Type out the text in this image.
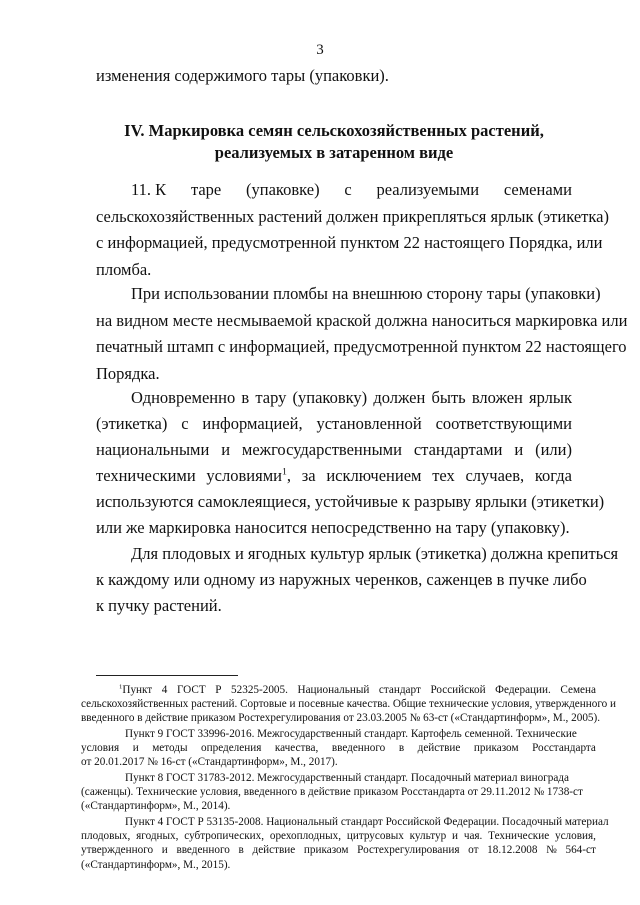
3
изменения содержимого тары (упаковки).
IV. Маркировка семян сельскохозяйственных растений,
реализуемых в затаренном виде
11. К таре (упаковке) с реализуемыми семенами
сельскохозяйственных растений должен прикрепляться ярлык (этикетка)
с информацией, предусмотренной пунктом 22 настоящего Порядка, или
пломба.
При использовании пломбы на внешнюю сторону тары (упаковки)
на видном месте несмываемой краской должна наноситься маркировка или
печатный штамп с информацией, предусмотренной пунктом 22 настоящего
Порядка.
Одновременно в тару (упаковку) должен быть вложен ярлык
(этикетка) с информацией, установленной соответствующими
национальными и межгосударственными стандартами и (или)
техническими условиями$^1$, за исключением тех случаев, когда
используются самоклеящиеся, устойчивые к разрыву ярлыки (этикетки)
или же маркировка наносится непосредственно на тару (упаковку).
Для плодовых и ягодных культур ярлык (этикетка) должна крепиться
к каждому или одному из наружных черенков, саженцев в пучке либо
к пучку растений.
$^1$Пункт 4 ГОСТ Р 52325-2005. Национальный стандарт Российской Федерации. Семена
сельскохозяйственных растений. Сортовые и посевные качества. Общие технические условия, утвержденного и
введенного в действие приказом Ростехрегулирования от 23.03.2005 № 63-ст («Стандартинформ», М., 2005).
Пункт 9 ГОСТ 33996-2016. Межгосударственный стандарт. Картофель семенной. Технические
условия и методы определения качества, введенного в действие приказом Росстандарта
от 20.01.2017 № 16-ст («Стандартинформ», М., 2017).
Пункт 8 ГОСТ 31783-2012. Межгосударственный стандарт. Посадочный материал винограда
(саженцы). Технические условия, введенного в действие приказом Росстандарта от 29.11.2012 № 1738-ст
(«Стандартинформ», М., 2014).
Пункт 4 ГОСТ Р 53135-2008. Национальный стандарт Российской Федерации. Посадочный материал
плодовых, ягодных, субтропических, орехоплодных, цитрусовых культур и чая. Технические условия,
утвержденного и введенного в действие приказом Ростехрегулирования от 18.12.2008 № 564-ст
(«Стандартинформ», М., 2015).
